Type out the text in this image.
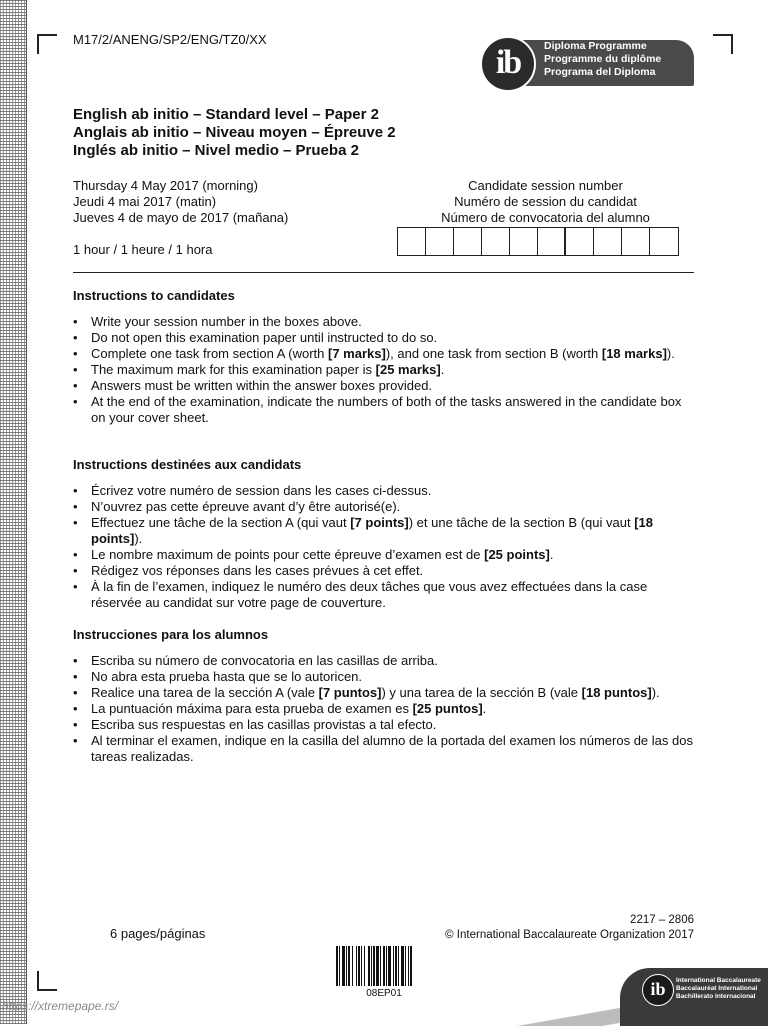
M17/2/ANENG/SP2/ENG/TZ0/XX
ib	Diploma Programme
Programme du diplôme
Programa del Diploma
English ab initio – Standard level – Paper 2
Anglais ab initio – Niveau moyen – Épreuve 2
Inglés ab initio – Nivel medio – Prueba 2
Thursday 4 May 2017 (morning)
Jeudi 4 mai 2017 (matin)
Jueves 4 de mayo de 2017 (mañana)
1 hour / 1 heure / 1 hora
Candidate session number
Numéro de session du candidat
Número de convocatoria del alumno
Instructions to candidates
• Write your session number in the boxes above.
• Do not open this examination paper until instructed to do so.
• Complete one task from section A (worth [7 marks]), and one task from section B (worth [18 marks]).
• The maximum mark for this examination paper is [25 marks].
• Answers must be written within the answer boxes provided.
• At the end of the examination, indicate the numbers of both of the tasks answered in the candidate box on your cover sheet.
Instructions destinées aux candidats
• Écrivez votre numéro de session dans les cases ci-dessus.
• N’ouvrez pas cette épreuve avant d’y être autorisé(e).
• Effectuez une tâche de la section A (qui vaut [7 points]) et une tâche de la section B (qui vaut [18 points]).
• Le nombre maximum de points pour cette épreuve d’examen est de [25 points].
• Rédigez vos réponses dans les cases prévues à cet effet.
• À la fin de l’examen, indiquez le numéro des deux tâches que vous avez effectuées dans la case réservée au candidat sur votre page de couverture.
Instrucciones para los alumnos
• Escriba su número de convocatoria en las casillas de arriba.
• No abra esta prueba hasta que se lo autoricen.
• Realice una tarea de la sección A (vale [7 puntos]) y una tarea de la sección B (vale [18 puntos]).
• La puntuación máxima para esta prueba de examen es [25 puntos].
• Escriba sus respuestas en las casillas provistas a tal efecto.
• Al terminar el examen, indique en la casilla del alumno de la portada del examen los números de las dos tareas realizadas.
6 pages/páginas
2217 – 2806
© International Baccalaureate Organization 2017
08EP01	ib	International Baccalaureate
Baccalauréat International
Bachillerato Internacional
https://xtremepape.rs/
